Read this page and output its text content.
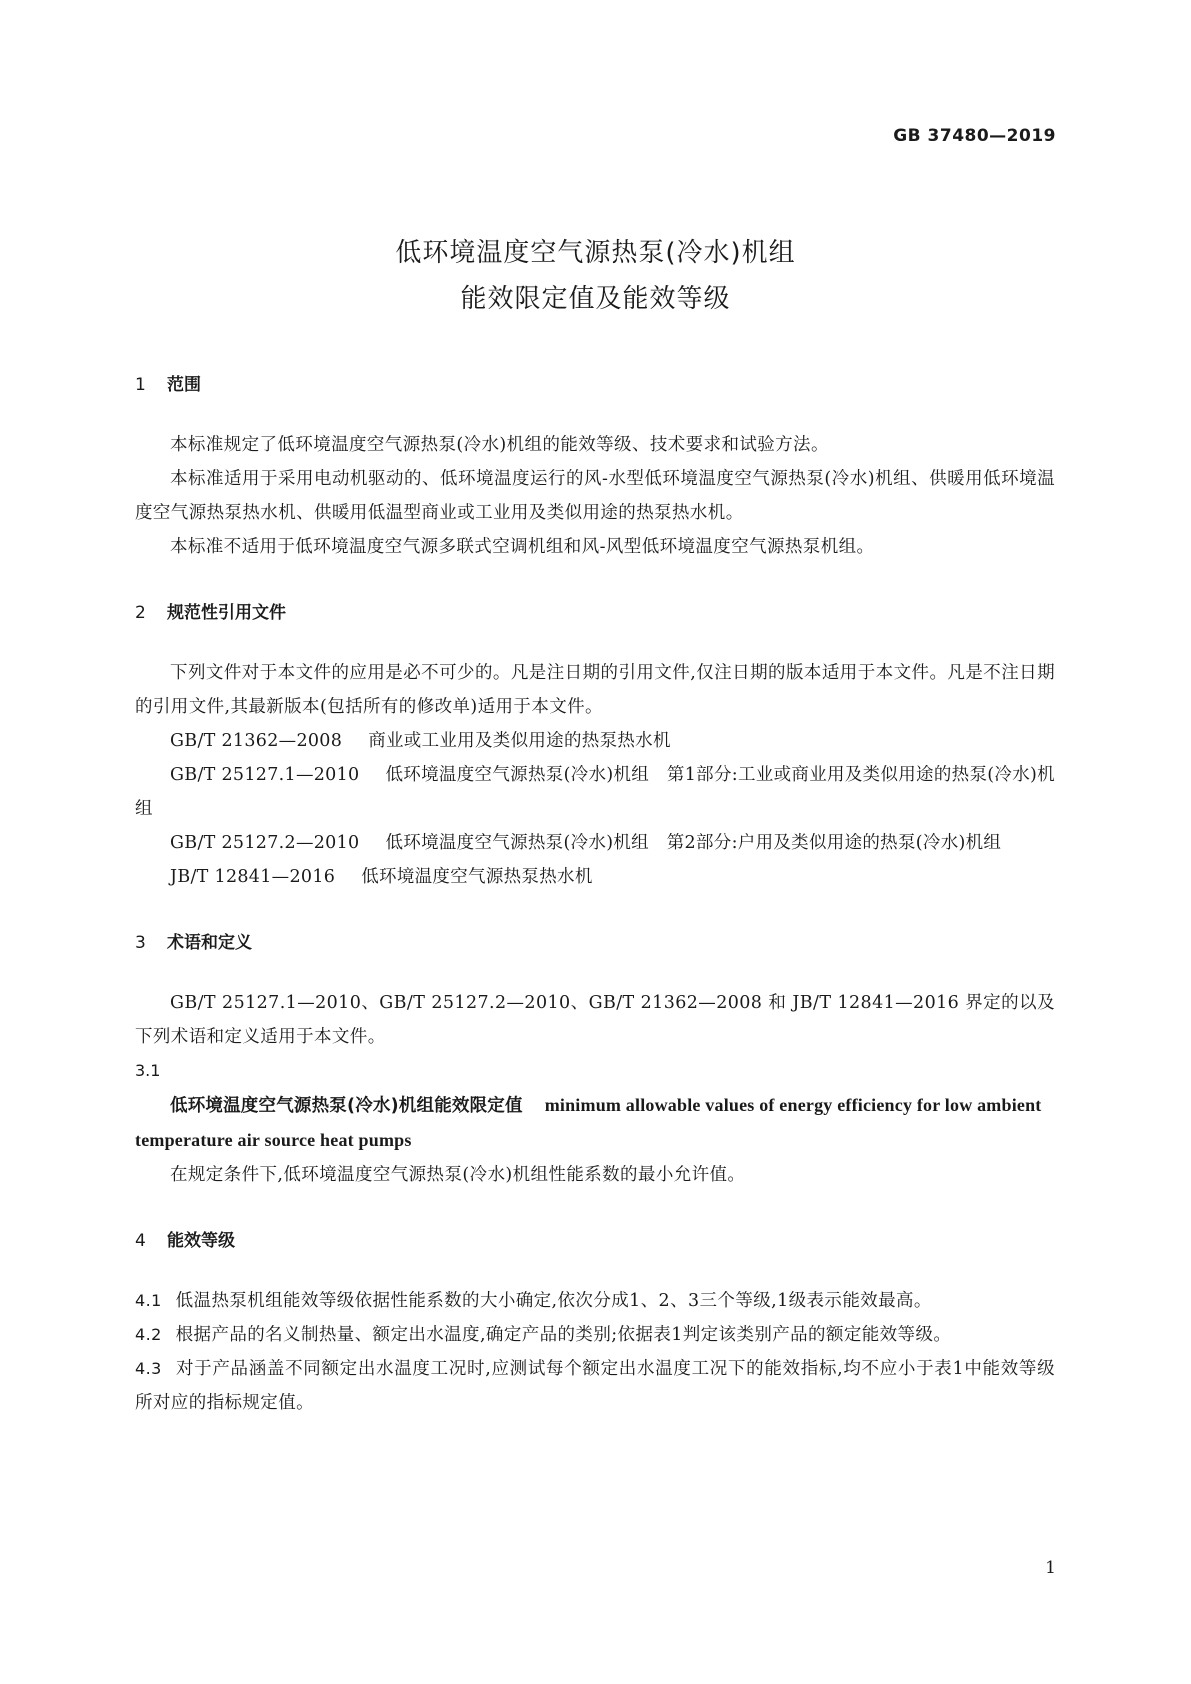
GB 37480—2019
低环境温度空气源热泵(冷水)机组
能效限定值及能效等级
1 范围

本标准规定了低环境温度空气源热泵(冷水)机组的能效等级、技术要求和试验方法。

本标准适用于采用电动机驱动的、低环境温度运行的风-水型低环境温度空气源热泵(冷水)机组、供暖用低环境温度空气源热泵热水机、供暖用低温型商业或工业用及类似用途的热泵热水机。

本标准不适用于低环境温度空气源多联式空调机组和风-风型低环境温度空气源热泵机组。

2 规范性引用文件

下列文件对于本文件的应用是必不可少的。凡是注日期的引用文件,仅注日期的版本适用于本文件。凡是不注日期的引用文件,其最新版本(包括所有的修改单)适用于本文件。

GB/T 21362—2008 商业或工业用及类似用途的热泵热水机

GB/T 25127.1—2010 低环境温度空气源热泵(冷水)机组　第1部分:工业或商业用及类似用途的热泵(冷水)机组

GB/T 25127.2—2010 低环境温度空气源热泵(冷水)机组　第2部分:户用及类似用途的热泵(冷水)机组

JB/T 12841—2016 低环境温度空气源热泵热水机

3 术语和定义

GB/T 25127.1—2010、GB/T 25127.2—2010、GB/T 21362—2008 和 JB/T 12841—2016 界定的以及下列术语和定义适用于本文件。

3.1

低环境温度空气源热泵(冷水)机组能效限定值 minimum allowable values of energy efficiency for low ambient temperature air source heat pumps

在规定条件下,低环境温度空气源热泵(冷水)机组性能系数的最小允许值。

4 能效等级

4.1 低温热泵机组能效等级依据性能系数的大小确定,依次分成1、2、3三个等级,1级表示能效最高。

4.2 根据产品的名义制热量、额定出水温度,确定产品的类别;依据表1判定该类别产品的额定能效等级。

4.3 对于产品涵盖不同额定出水温度工况时,应测试每个额定出水温度工况下的能效指标,均不应小于表1中能效等级所对应的指标规定值。

1
